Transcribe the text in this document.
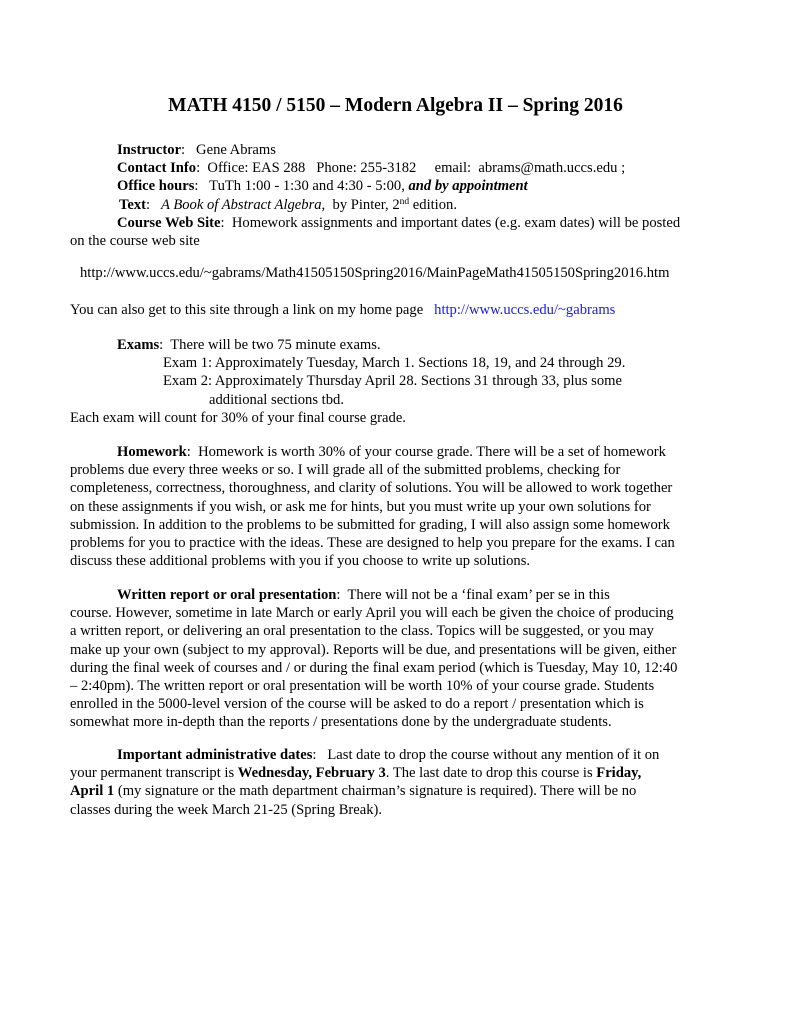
MATH 4150 / 5150 – Modern Algebra II – Spring 2016

Instructor:   Gene Abrams

Contact Info:  Office: EAS 288 Phone: 255-3182 email: abrams@math.uccs.edu ;

Office hours:   TuTh 1:00 - 1:30 and 4:30 - 5:00, and by appointment

Text:   A Book of Abstract Algebra, by Pinter, 2nd edition.

Course Web Site:  Homework assignments and important dates (e.g. exam dates) will be posted

on the course web site

http://www.uccs.edu/~gabrams/Math41505150Spring2016/MainPageMath41505150Spring2016.htm

You can also get to this site through a link on my home page http://www.uccs.edu/~gabrams

Exams:  There will be two 75 minute exams.

Exam 1: Approximately Tuesday, March 1. Sections 18, 19, and 24 through 29.

Exam 2: Approximately Thursday April 28. Sections 31 through 33, plus some

additional sections tbd.

Each exam will count for 30% of your final course grade.

Homework:  Homework is worth 30% of your course grade. There will be a set of homework

problems due every three weeks or so. I will grade all of the submitted problems, checking for

completeness, correctness, thoroughness, and clarity of solutions. You will be allowed to work together

on these assignments if you wish, or ask me for hints, but you must write up your own solutions for

submission. In addition to the problems to be submitted for grading, I will also assign some homework

problems for you to practice with the ideas. These are designed to help you prepare for the exams. I can

discuss these additional problems with you if you choose to write up solutions.

Written report or oral presentation:  There will not be a ‘final exam’ per se in this

course. However, sometime in late March or early April you will each be given the choice of producing

a written report, or delivering an oral presentation to the class. Topics will be suggested, or you may

make up your own (subject to my approval). Reports will be due, and presentations will be given, either

during the final week of courses and / or during the final exam period (which is Tuesday, May 10, 12:40

– 2:40pm). The written report or oral presentation will be worth 10% of your course grade. Students

enrolled in the 5000-level version of the course will be asked to do a report / presentation which is

somewhat more in-depth than the reports / presentations done by the undergraduate students.

Important administrative dates:   Last date to drop the course without any mention of it on

your permanent transcript is Wednesday, February 3. The last date to drop this course is Friday,

April 1 (my signature or the math department chairman’s signature is required). There will be no

classes during the week March 21-25 (Spring Break).
